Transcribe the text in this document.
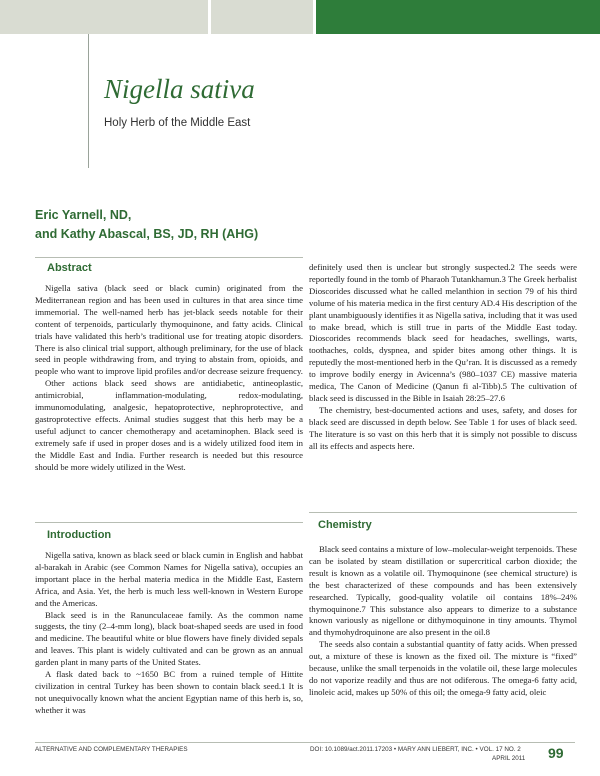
Nigella sativa
Holy Herb of the Middle East
Eric Yarnell, ND,
and Kathy Abascal, BS, JD, RH (AHG)
Abstract

Nigella sativa (black seed or black cumin) originated from the Mediterranean region and has been used in cultures in that area since time immemorial. The well-named herb has jet-black seeds notable for their content of terpenoids, particularly thymoquinone, and fatty acids. Clinical trials have validated this herb’s traditional use for treating atopic disorders. There is also clinical trial support, although preliminary, for the use of black seed in people withdrawing from, and trying to abstain from, opioids, and people who want to improve lipid profiles and/or decrease seizure frequency.

Other actions black seed shows are antidiabetic, antineoplastic, antimicrobial, inflammation-modulating, redox-modulating, immunomodulating, analgesic, hepatoprotective, nephroprotective, and gastroprotective effects. Animal studies suggest that this herb may be a useful adjunct to cancer chemotherapy and acetaminophen. Black seed is extremely safe if used in proper doses and is a widely utilized food item in the Middle East and India. Further research is needed but this resource should be more widely utilized in the West.

Introduction

Nigella sativa, known as black seed or black cumin in English and habbat al-barakah in Arabic (see Common Names for Nigella sativa), occupies an important place in the herbal materia medica in the Middle East, Eastern Africa, and Asia. Yet, the herb is much less well-known in Western Europe and the Americas.

Black seed is in the Ranunculaceae family. As the common name suggests, the tiny (2–4-mm long), black boat-shaped seeds are used in food and medicine. The beautiful white or blue flowers have finely divided sepals and leaves. This plant is widely cultivated and can be grown as an annual garden plant in many parts of the United States.

A flask dated back to ~1650 BC from a ruined temple of Hittite civilization in central Turkey has been shown to contain black seed.1 It is not unequivocally known what the ancient Egyptian name of this herb is, so, whether it was

definitely used then is unclear but strongly suspected.2 The seeds were reportedly found in the tomb of Pharaoh Tutankhamun.3 The Greek herbalist Dioscorides discussed what he called melanthion in section 79 of his third volume of his materia medica in the first century AD.4 His description of the plant unambiguously identifies it as Nigella sativa, including that it was used to make bread, which is still true in parts of the Middle East today. Dioscorides recommends black seed for headaches, swellings, warts, toothaches, colds, dyspnea, and spider bites among other things. It is reputedly the most-mentioned herb in the Qu’ran. It is discussed as a remedy to improve bodily energy in Avicenna’s (980–1037 CE) massive materia medica, The Canon of Medicine (Qanun fi al-Tibb).5 The cultivation of black seed is discussed in the Bible in Isaiah 28:25–27.6

The chemistry, best-documented actions and uses, safety, and doses for black seed are discussed in depth below. See Table 1 for uses of black seed. The literature is so vast on this herb that it is simply not possible to discuss all its effects and aspects here.

Chemistry

Black seed contains a mixture of low–molecular-weight terpenoids. These can be isolated by steam distillation or supercritical carbon dioxide; the result is known as a volatile oil. Thymoquinone (see chemical structure) is the best characterized of these compounds and has been extensively researched. Typically, good-quality volatile oil contains 18%–24% thymoquinone.7 This substance also appears to dimerize to a substance known variously as nigellone or dithymoquinone in tiny amounts. Thymol and thymohydroquinone are also present in the oil.8

The seeds also contain a substantial quantity of fatty acids. When pressed out, a mixture of these is known as the fixed oil. The mixture is “fixed” because, unlike the small terpenoids in the volatile oil, these large molecules do not vaporize readily and thus are not odiferous. The omega-6 fatty acid, linoleic acid, makes up 50% of this oil; the omega-9 fatty acid, oleic

ALTERNATIVE AND COMPLEMENTARY THERAPIES	DOI: 10.1089/act.2011.17203 • MARY ANN LIEBERT, INC. • VOL. 17 NO. 2
APRIL 2011 99
